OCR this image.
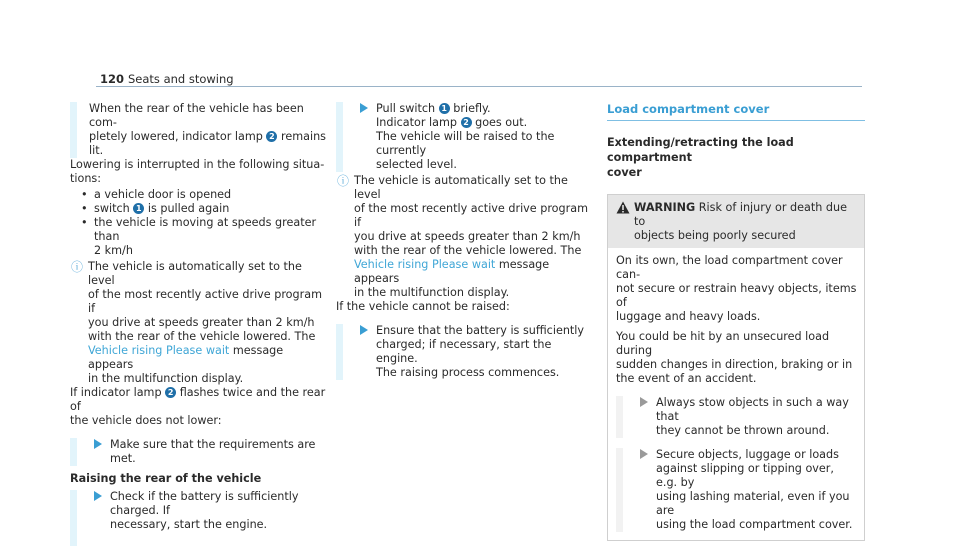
120 Seats and stowing
When the rear of the vehicle has been com-
pletely lowered, indicator lamp 2 remains
lit.
Lowering is interrupted in the following situa-
tions:
• a vehicle door is opened
• switch 1 is pulled again
• the vehicle is moving at speeds greater than
2 km/h
ⓘ The vehicle is automatically set to the level
of the most recently active drive program if
you drive at speeds greater than 2 km/h
with the rear of the vehicle lowered. The
Vehicle rising Please wait message appears
in the multifunction display.
If indicator lamp 2 flashes twice and the rear of
the vehicle does not lower:
Make sure that the requirements are met.
Raising the rear of the vehicle
Check if the battery is sufficiently charged. If
necessary, start the engine.
Pull switch 1 briefly.
Indicator lamp 2 goes out.
The vehicle will be raised to the currently
selected level.
ⓘ The vehicle is automatically set to the level
of the most recently active drive program if
you drive at speeds greater than 2 km/h
with the rear of the vehicle lowered. The
Vehicle rising Please wait message appears
in the multifunction display.
If the vehicle cannot be raised:
Ensure that the battery is sufficiently
charged; if necessary, start the engine.
The raising process commences.
Load compartment cover
Extending/retracting the load compartment
cover
WARNING Risk of injury or death due to
objects being poorly secured
On its own, the load compartment cover can-
not secure or restrain heavy objects, items of
luggage and heavy loads.
You could be hit by an unsecured load during
sudden changes in direction, braking or in
the event of an accident.
Always stow objects in such a way that
they cannot be thrown around.
Secure objects, luggage or loads
against slipping or tipping over, e.g. by
using lashing material, even if you are
using the load compartment cover.
